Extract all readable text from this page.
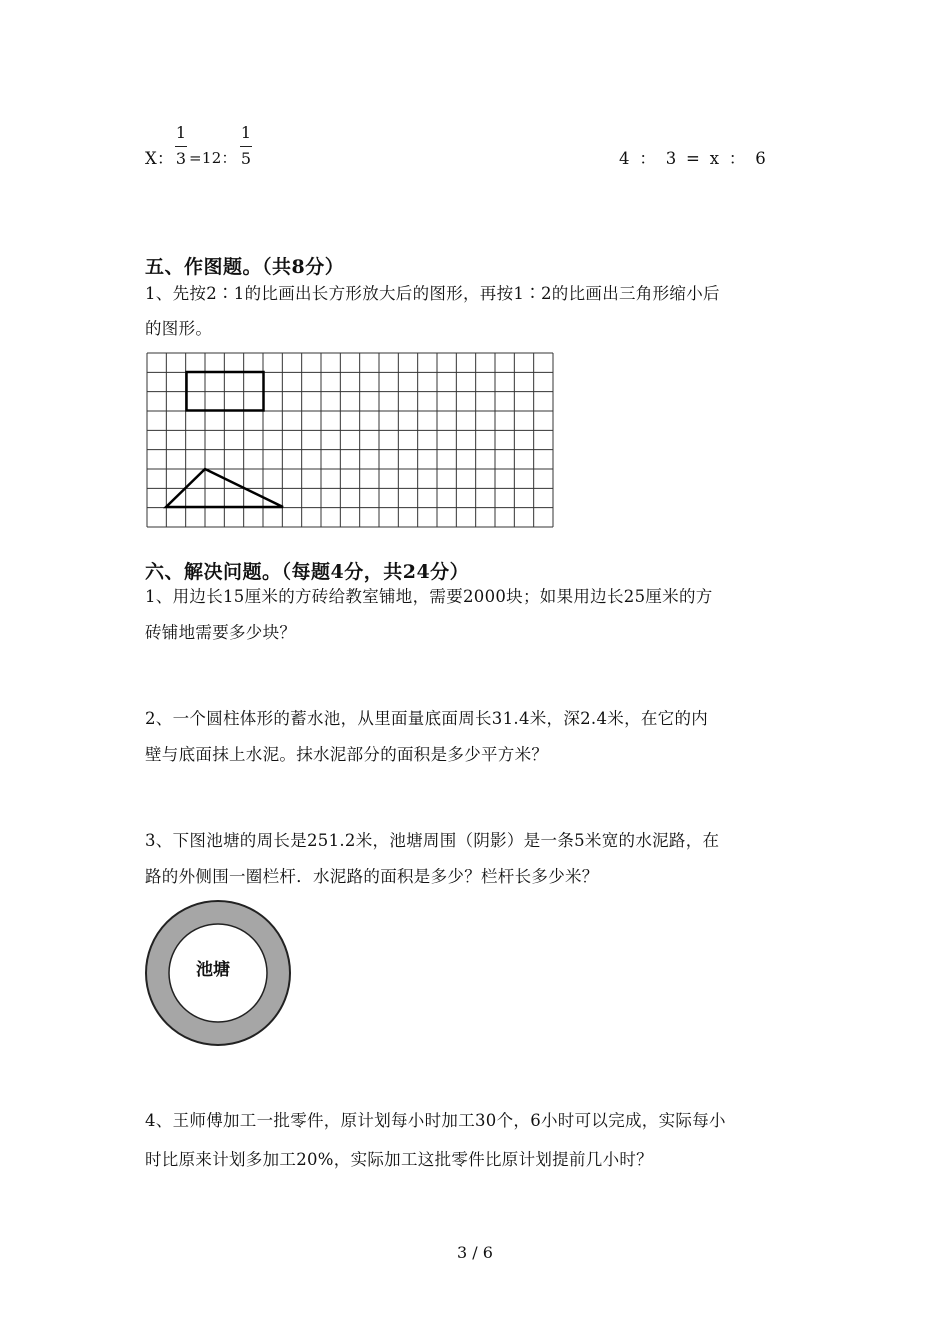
X：
1
3 =12：
1
5	4 ： 3 = x ： 6
五、作图题。（共8分）
1、先按2∶1的比画出长方形放大后的图形，再按1∶2的比画出三角形缩小后
的图形。
六、解决问题。（每题4分，共24分）
1、用边长15厘米的方砖给教室铺地，需要2000块；如果用边长25厘米的方
砖铺地需要多少块？
2、一个圆柱体形的蓄水池，从里面量底面周长31.4米，深2.4米，在它的内
壁与底面抹上水泥。抹水泥部分的面积是多少平方米？
3、下图池塘的周长是251.2米，池塘周围（阴影）是一条5米宽的水泥路，在
路的外侧围一圈栏杆．水泥路的面积是多少？栏杆长多少米？
池塘
4、王师傅加工一批零件，原计划每小时加工30个，6小时可以完成，实际每小
时比原来计划多加工20%，实际加工这批零件比原计划提前几小时？
3 / 6
